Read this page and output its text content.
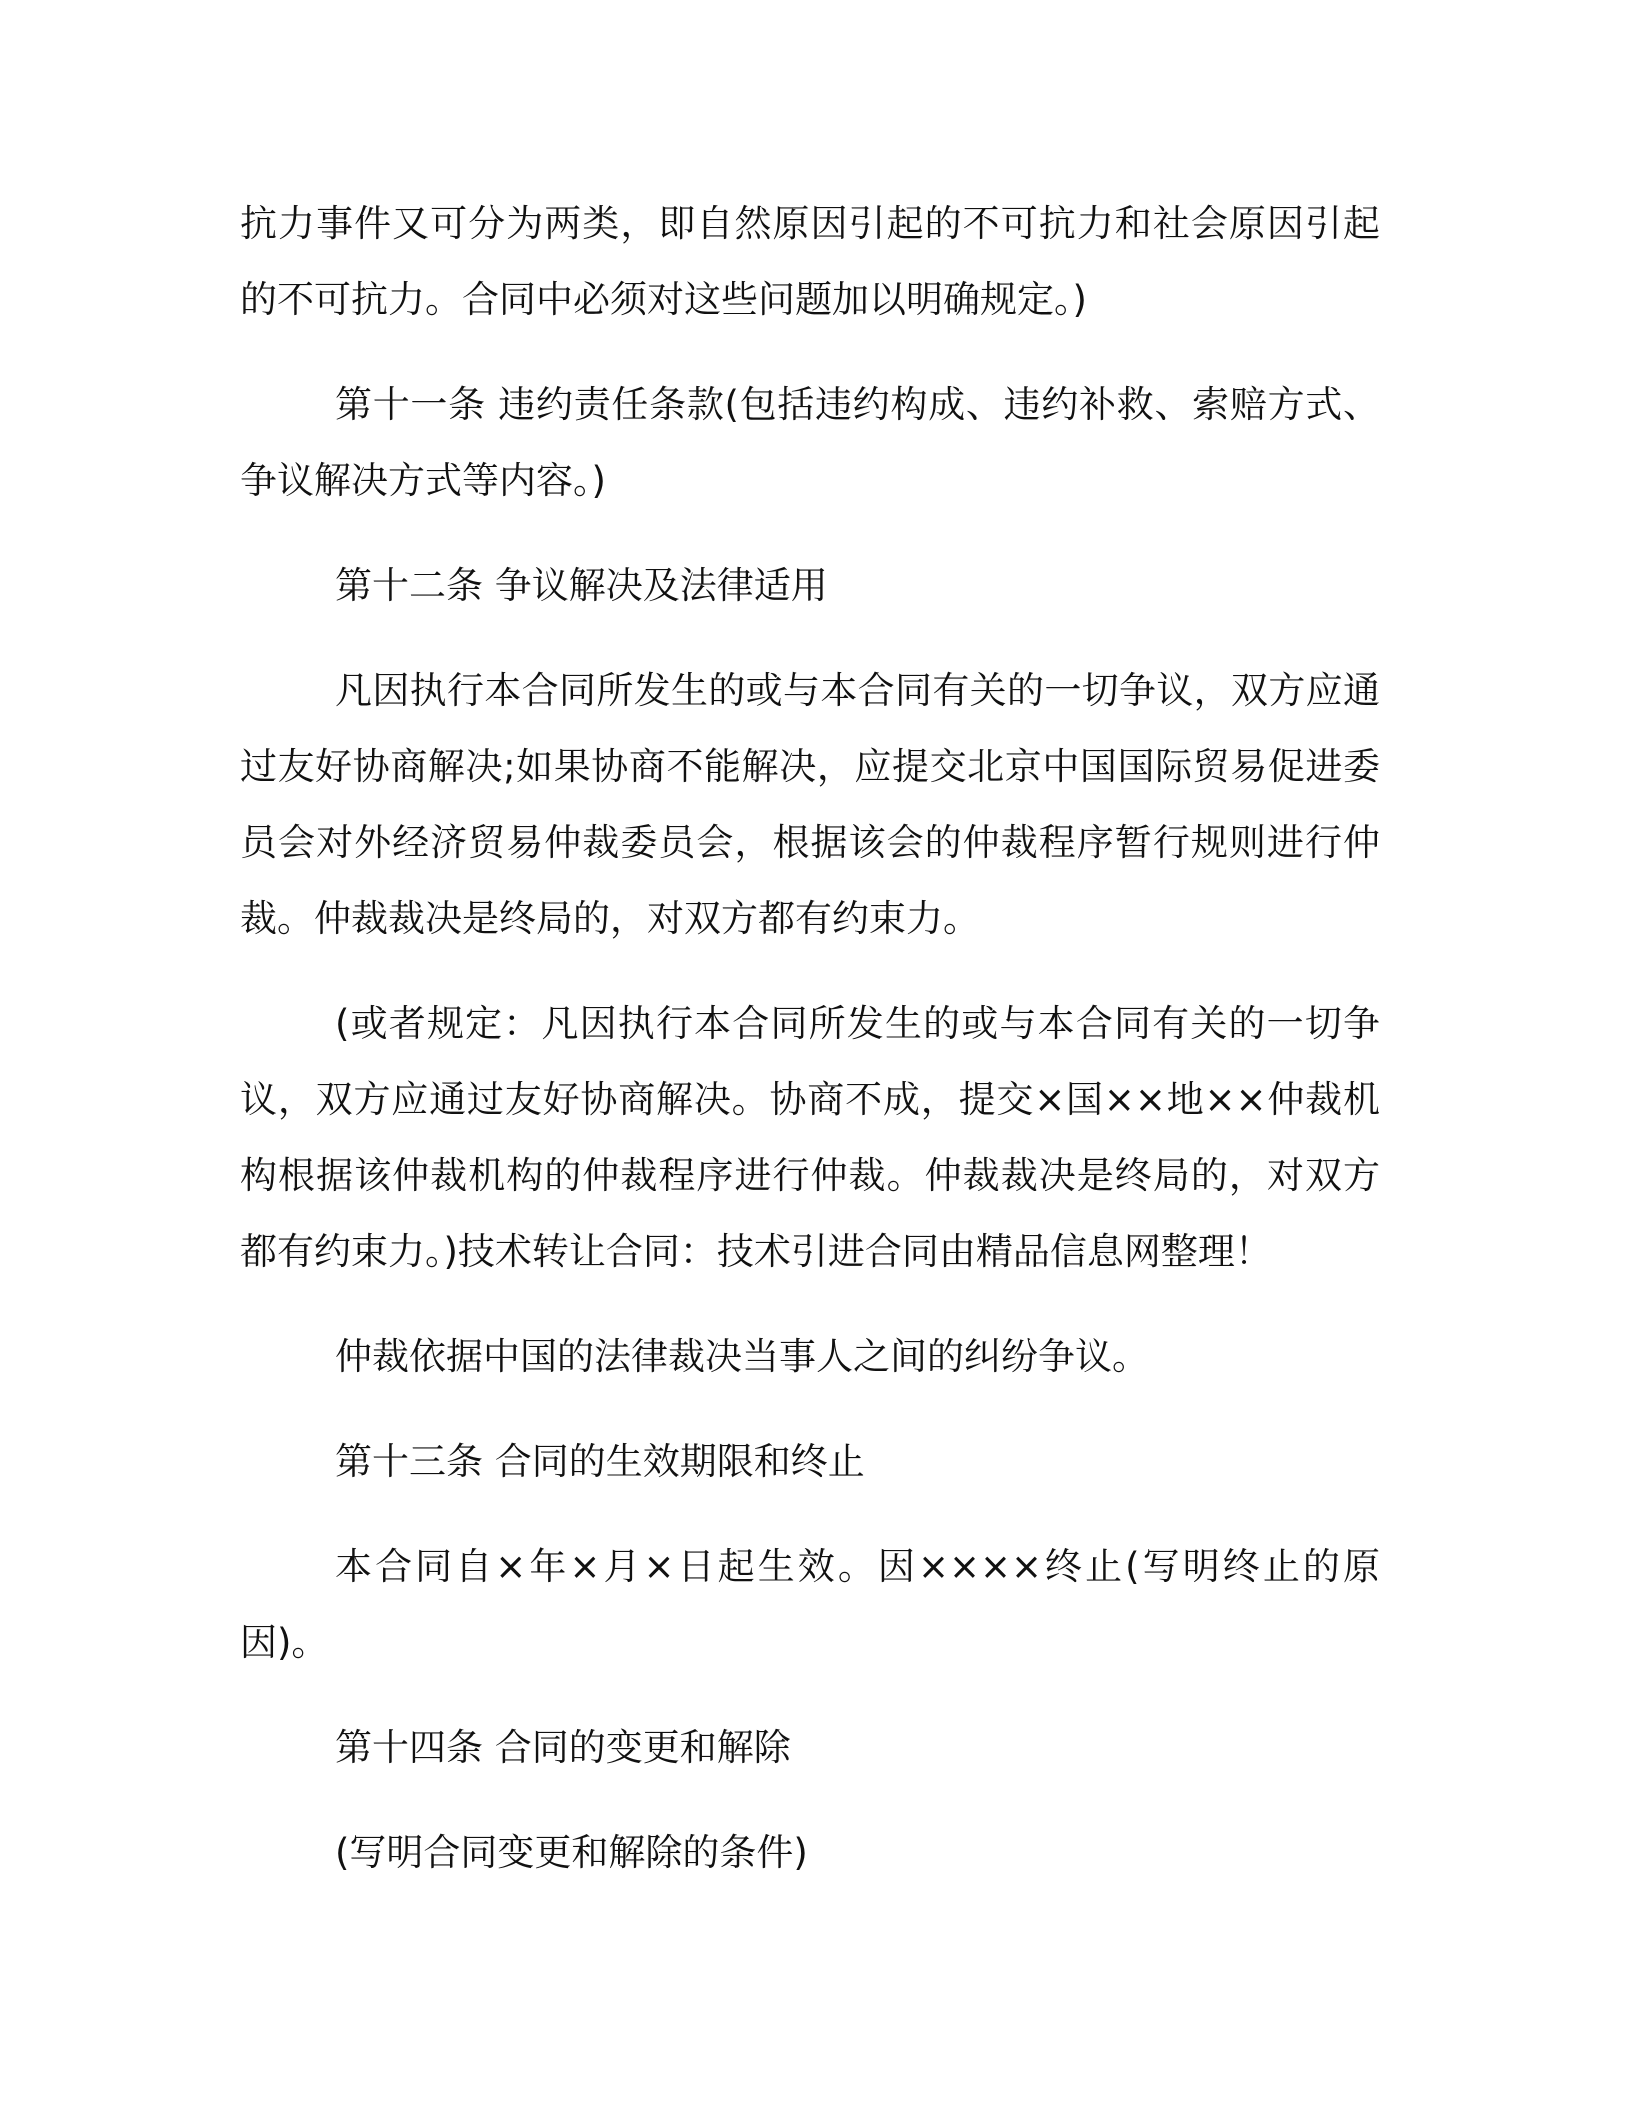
抗力事件又可分为两类，即自然原因引起的不可抗力和社会原因引起的不可抗力。合同中必须对这些问题加以明确规定。)

第十一条 违约责任条款(包括违约构成、违约补救、索赔方式、争议解决方式等内容。)

第十二条 争议解决及法律适用

凡因执行本合同所发生的或与本合同有关的一切争议，双方应通过友好协商解决;如果协商不能解决，应提交北京中国国际贸易促进委员会对外经济贸易仲裁委员会，根据该会的仲裁程序暂行规则进行仲裁。仲裁裁决是终局的，对双方都有约束力。

(或者规定：凡因执行本合同所发生的或与本合同有关的一切争议，双方应通过友好协商解决。协商不成，提交×国××地××仲裁机构根据该仲裁机构的仲裁程序进行仲裁。仲裁裁决是终局的，对双方都有约束力。)技术转让合同：技术引进合同由精品信息网整理！

仲裁依据中国的法律裁决当事人之间的纠纷争议。

第十三条 合同的生效期限和终止

本合同自×年×月×日起生效。因××××终止(写明终止的原因)。

第十四条 合同的变更和解除

(写明合同变更和解除的条件)
